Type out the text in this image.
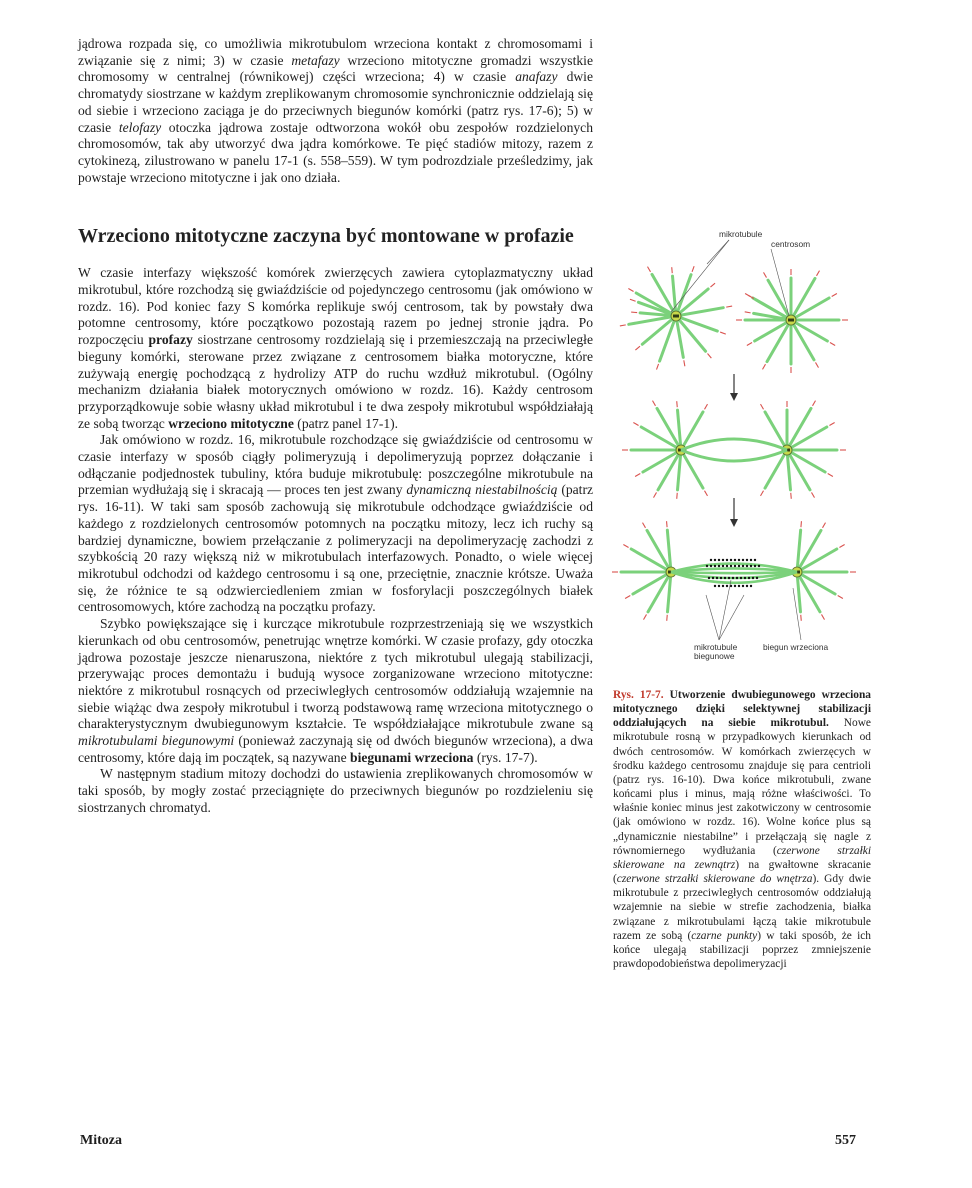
jądrowa rozpada się, co umożliwia mikrotubulom wrzeciona kontakt z chromosomami i związanie się z nimi; 3) w czasie metafazy wrzeciono mitotyczne gromadzi wszystkie chromosomy w centralnej (równikowej) części wrzeciona; 4) w czasie anafazy dwie chromatydy siostrzane w każdym zreplikowanym chromosomie synchronicznie oddzielają się od siebie i wrzeciono zaciąga je do przeciwnych biegunów komórki (patrz rys. 17-6); 5) w czasie telofazy otoczka jądrowa zostaje odtworzona wokół obu zespołów rozdzielonych chromosomów, tak aby utworzyć dwa jądra komórkowe. Te pięć stadiów mitozy, razem z cytokinezą, zilustrowano w panelu 17-1 (s. 558–559). W tym podrozdziale prześledzimy, jak powstaje wrzeciono mitotyczne i jak ono działa.

Wrzeciono mitotyczne zaczyna być montowane w profazie

W czasie interfazy większość komórek zwierzęcych zawiera cytoplazmatyczny układ mikrotubul, które rozchodzą się gwiaździście od pojedynczego centrosomu (jak omówiono w rozdz. 16). Pod koniec fazy S komórka replikuje swój centrosom, tak by powstały dwa potomne centrosomy, które początkowo pozostają razem po jednej stronie jądra. Po rozpoczęciu profazy siostrzane centrosomy rozdzielają się i przemieszczają na przeciwległe bieguny komórki, sterowane przez związane z centrosomem białka motoryczne, które zużywają energię pochodzącą z hydrolizy ATP do ruchu wzdłuż mikrotubul. (Ogólny mechanizm działania białek motorycznych omówiono w rozdz. 16). Każdy centrosom przyporządkowuje sobie własny układ mikrotubul i te dwa zespoły mikrotubul współdziałają ze sobą tworząc wrzeciono mitotyczne (patrz panel 17-1).

Jak omówiono w rozdz. 16, mikrotubule rozchodzące się gwiaździście od centrosomu w czasie interfazy w sposób ciągły polimeryzują i depolimeryzują poprzez dołączanie i odłączanie podjednostek tubuliny, która buduje mikrotubulę: poszczególne mikrotubule na przemian wydłużają się i skracają — proces ten jest zwany dynamiczną niestabilnością (patrz rys. 16-11). W taki sam sposób zachowują się mikrotubule odchodzące gwiaździście od każdego z rozdzielonych centrosomów potomnych na początku mitozy, lecz ich ruchy są bardziej dynamiczne, bowiem przełączanie z polimeryzacji na depolimeryzację zachodzi z szybkością 20 razy większą niż w mikrotubulach interfazowych. Ponadto, o wiele więcej mikrotubul odchodzi od każdego centrosomu i są one, przeciętnie, znacznie krótsze. Uważa się, że różnice te są odzwierciedleniem zmian w fosforylacji poszczególnych białek centrosomowych, które zachodzą na początku profazy.

Szybko powiększające się i kurczące mikrotubule rozprzestrzeniają się we wszystkich kierunkach od obu centrosomów, penetrując wnętrze komórki. W czasie profazy, gdy otoczka jądrowa pozostaje jeszcze nienaruszona, niektóre z tych mikrotubul ulegają stabilizacji, przerywając proces demontażu i budują wysoce zorganizowane wrzeciono mitotyczne: niektóre z mikrotubul rosnących od przeciwległych centrosomów oddziałują wzajemnie na siebie wiążąc dwa zespoły mikrotubul i tworzą podstawową ramę wrzeciona mitotycznego o charakterystycznym dwubiegunowym kształcie. Te współdziałające mikrotubule zwane są mikrotubulami biegunowymi (ponieważ zaczynają się od dwóch biegunów wrzeciona), a dwa centrosomy, które dają im początek, są nazywane biegunami wrzeciona (rys. 17-7).

W następnym stadium mitozy dochodzi do ustawienia zreplikowanych chromosomów w taki sposób, by mogły zostać przeciągnięte do przeciwnych biegunów po rozdzieleniu się siostrzanych chromatyd.

mikrotubule
centrosom
mikrotubule biegunowe
biegun wrzeciona
Rys. 17-7. Utworzenie dwubiegunowego wrzeciona mitotycznego dzięki selektywnej stabilizacji oddziałujących na siebie mikrotubul. Nowe mikrotubule rosną w przypadkowych kierunkach od dwóch centrosomów. W komórkach zwierzęcych w środku każdego centrosomu znajduje się para centrioli (patrz rys. 16-10). Dwa końce mikrotubuli, zwane końcami plus i minus, mają różne właściwości. To właśnie koniec minus jest zakotwiczony w centrosomie (jak omówiono w rozdz. 16). Wolne końce plus są „dynamicznie niestabilne” i przełączają się nagle z równomiernego wydłużania (czerwone strzałki skierowane na zewnątrz) na gwałtowne skracanie (czerwone strzałki skierowane do wnętrza). Gdy dwie mikrotubule z przeciwległych centrosomów oddziałują wzajemnie na siebie w strefie zachodzenia, białka związane z mikrotubulami łączą takie mikrotubule razem ze sobą (czarne punkty) w taki sposób, że ich końce ulegają stabilizacji poprzez zmniejszenie prawdopodobieństwa depolimeryzacji
Mitoza	557
